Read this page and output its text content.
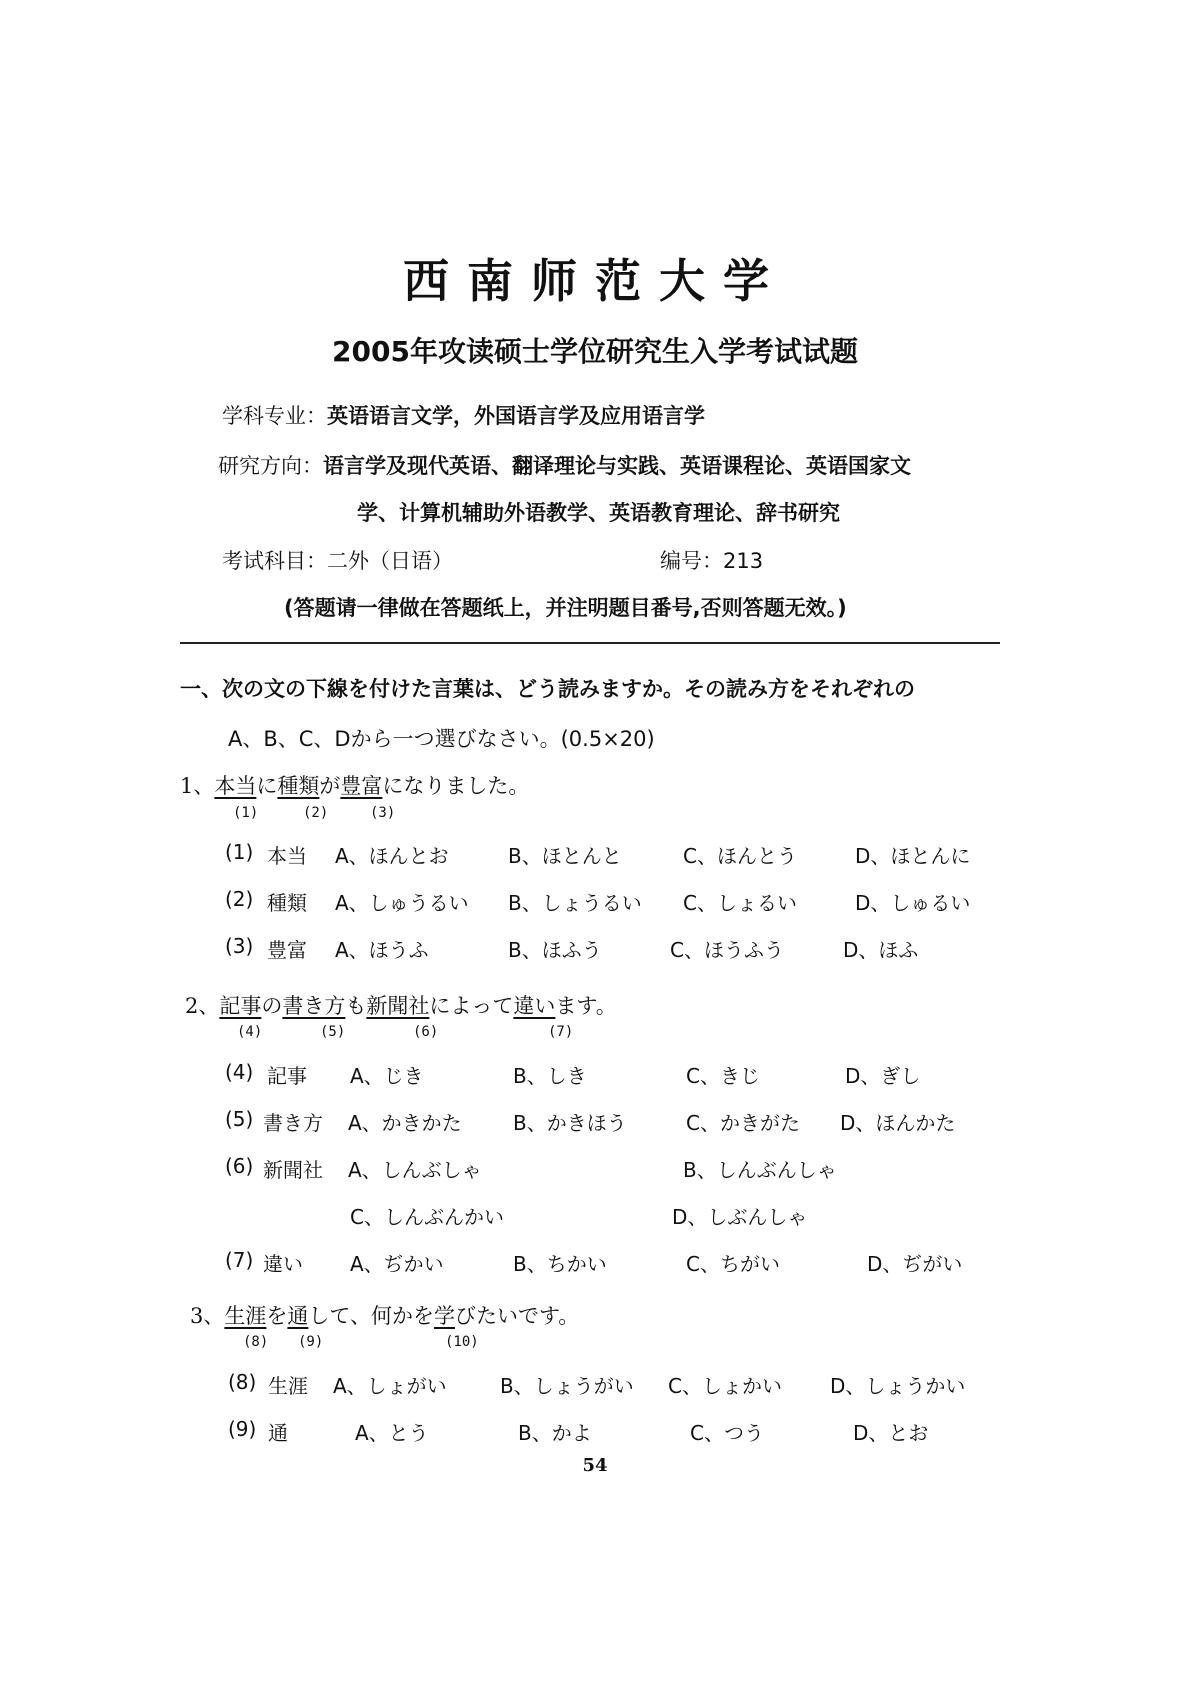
西南师范大学
2005年攻读硕士学位研究生入学考试试题
学科专业：英语语言文学，外国语言学及应用语言学
研究方向：语言学及现代英语、翻译理论与实践、英语课程论、英语国家文
学、计算机辅助外语教学、英语教育理论、辞书研究
考试科目：二外（日语）	编号：213
(答题请一律做在答题纸上，并注明题目番号,否则答题无效。)
一、次の文の下線を付けた言葉は、どう読みますか。その読み方をそれぞれの
A、B、C、Dから一つ選びなさい。(0.5×20)
1、本当に種類が豊富になりました。
(1)	(2)	(3)
(1) 本当 A、ほんとお	B、ほとんと	C、ほんとう	D、ほとんに
(2) 種類 A、しゅうるい B、しょうるい C、しょるい	D、しゅるい
(3) 豊富 A、ほうふ	B、ほふう	C、ほうふう	D、ほふ
2、記事の書き方も新聞社によって違います。
(4)	(5)	(6)	(7)
(4) 記事 A、じき	B、しき	C、きじ	D、ぎし
(5) 書き方 A、かきかた	B、かきほう	C、かきがた D、ほんかた
(6) 新聞社 A、しんぶしゃ	B、しんぶんしゃ
C、しんぶんかい	D、しぶんしゃ
(7) 違い A、ぢかい	B、ちかい	C、ちがい	D、ぢがい
3、生涯を通して、何かを学びたいです。
(8) (9)	(10)
(8) 生涯 A、しょがい	B、しょうがい C、しょかい D、しょうかい
(9) 通	A、とう	B、かよ	C、つう	D、とお
54
